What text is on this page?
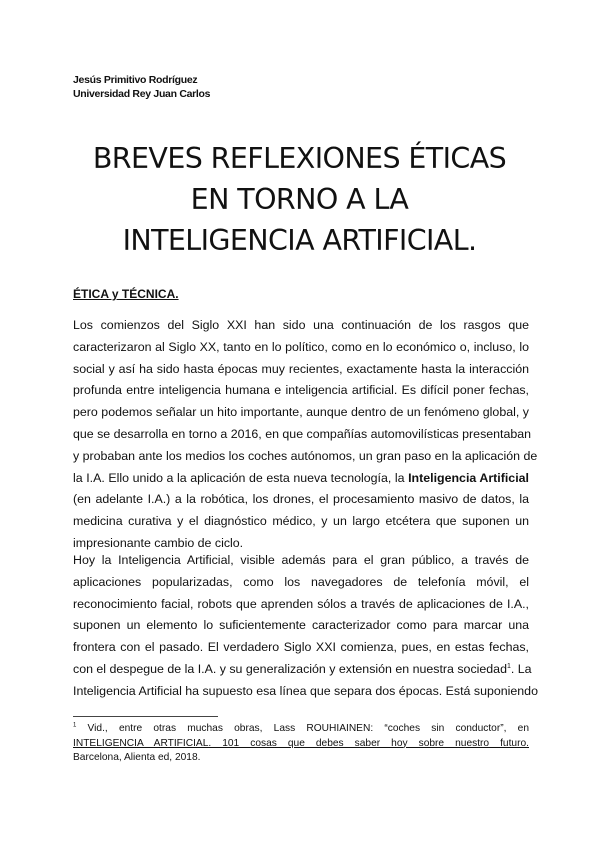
Jesús Primitivo Rodríguez
Universidad Rey Juan Carlos
BREVES REFLEXIONES ÉTICAS
EN TORNO A LA
INTELIGENCIA ARTIFICIAL.
ÉTICA y TÉCNICA.

Los comienzos del Siglo XXI han sido una continuación de los rasgos que
caracterizaron al Siglo XX, tanto en lo político, como en lo económico o, incluso, lo
social y así ha sido hasta épocas muy recientes, exactamente hasta la interacción
profunda entre inteligencia humana e inteligencia artificial. Es difícil poner fechas,
pero podemos señalar un hito importante, aunque dentro de un fenómeno global, y
que se desarrolla en torno a 2016, en que compañías automovilísticas presentaban
y probaban ante los medios los coches autónomos, un gran paso en la aplicación de
la I.A. Ello unido a la aplicación de esta nueva tecnología, la Inteligencia Artificial
(en adelante I.A.) a la robótica, los drones, el procesamiento masivo de datos, la
medicina curativa y el diagnóstico médico, y un largo etcétera que suponen un
impresionante cambio de ciclo.

Hoy la Inteligencia Artificial, visible además para el gran público, a través de
aplicaciones popularizadas, como los navegadores de telefonía móvil, el
reconocimiento facial, robots que aprenden sólos a través de aplicaciones de I.A.,
suponen un elemento lo suficientemente caracterizador como para marcar una
frontera con el pasado. El verdadero Siglo XXI comienza, pues, en estas fechas,
con el despegue de la I.A. y su generalización y extensión en nuestra sociedad$^1$. La
Inteligencia Artificial ha supuesto esa línea que separa dos épocas. Está suponiendo

$^1$ Vid., entre otras muchas obras, Lass ROUHIAINEN: “coches sin conductor”, en
INTELIGENCIA ARTIFICIAL. 101 cosas que debes saber hoy sobre nuestro futuro.
Barcelona, Alienta ed, 2018.
